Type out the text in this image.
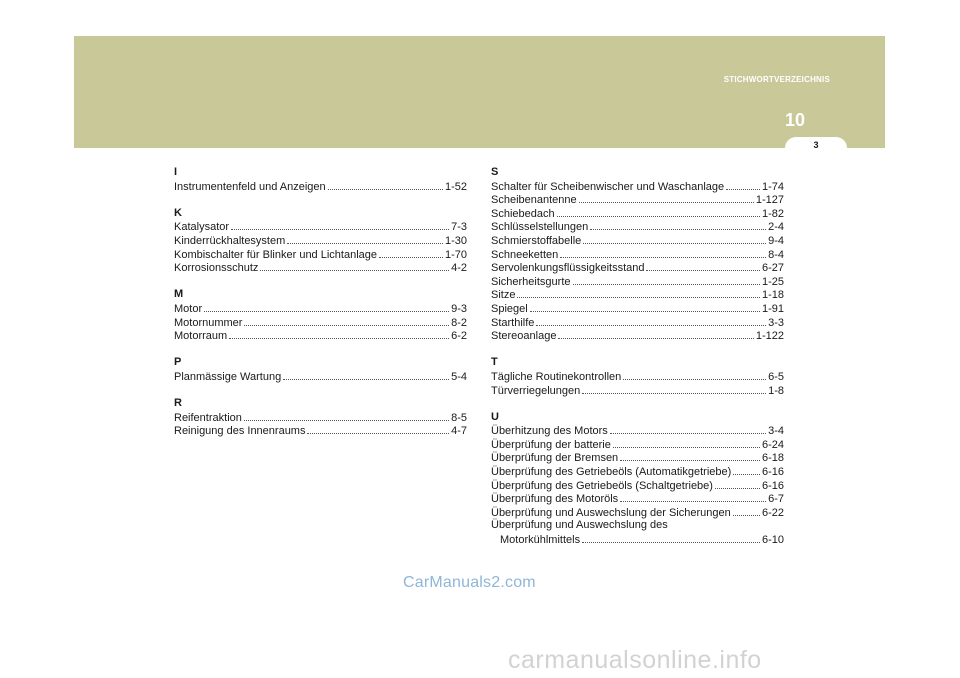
STICHWORTVERZEICHNIS
10
3
I
Instrumentenfeld und Anzeigen	1-52
K
Katalysator	7-3
Kinderrückhaltesystem	1-30
Kombischalter für Blinker und Lichtanlage	1-70
Korrosionsschutz	4-2
M
Motor	9-3
Motornummer	8-2
Motorraum	6-2
P
Planmässige Wartung	5-4
R
Reifentraktion	8-5
Reinigung des Innenraums	4-7
S
Schalter für Scheibenwischer und Waschanlage	1-74
Scheibenantenne	1-127
Schiebedach	1-82
Schlüsselstellungen	2-4
Schmierstoffabelle	9-4
Schneeketten	8-4
Servolenkungsflüssigkeitsstand	6-27
Sicherheitsgurte	1-25
Sitze	1-18
Spiegel	1-91
Starthilfe	3-3
Stereoanlage	1-122
T
Tägliche Routinekontrollen	6-5
Türverriegelungen	1-8
U
Überhitzung des Motors	3-4
Überprüfung der batterie	6-24
Überprüfung der Bremsen	6-18
Überprüfung des Getriebeöls (Automatikgetriebe)	6-16
Überprüfung des Getriebeöls (Schaltgetriebe)	6-16
Überprüfung des Motoröls	6-7
Überprüfung und Auswechslung der Sicherungen	6-22
Überprüfung und Auswechslung des
Motorkühlmittels	6-10
CarManuals2.com
carmanualsonline.info
